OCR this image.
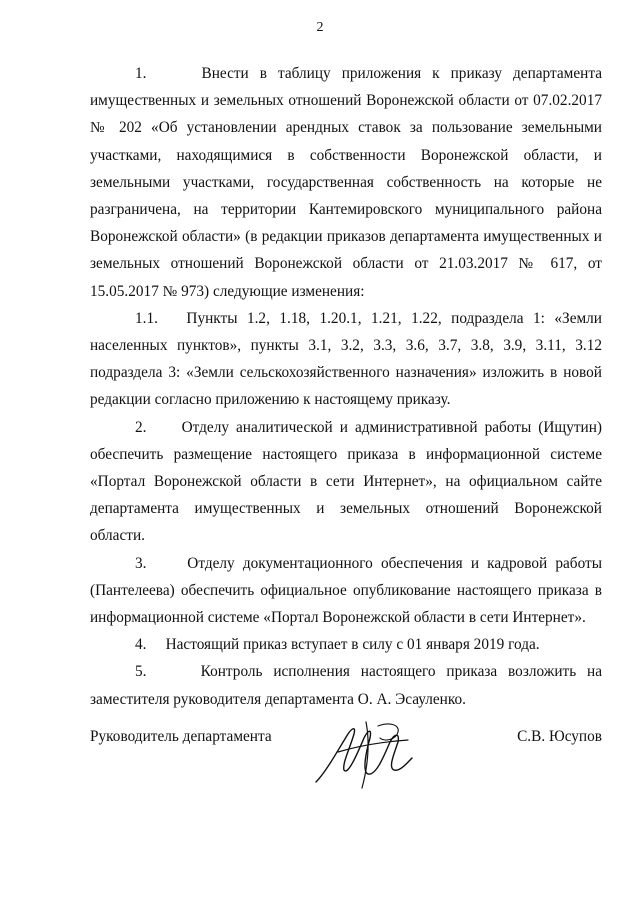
2

1.     Внести в таблицу приложения к приказу департамента имущественных и земельных отношений Воронежской области от 07.02.2017 № 202 «Об установлении арендных ставок за пользование земельными участками, находящимися в собственности Воронежской области, и земельными участками, государственная собственность на которые не разграничена, на территории Кантемировского муниципального района Воронежской области» (в редакции приказов департамента имущественных и земельных отношений Воронежской области от 21.03.2017 № 617, от 15.05.2017 № 973) следующие изменения:

1.1.   Пункты 1.2, 1.18, 1.20.1, 1.21, 1.22, подраздела 1: «Земли населенных пунктов», пункты 3.1, 3.2, 3.3, 3.6, 3.7, 3.8, 3.9, 3.11, 3.12 подраздела 3: «Земли сельскохозяйственного назначения» изложить в новой редакции согласно приложению к настоящему приказу.

2.     Отделу аналитической и административной работы (Ищутин) обеспечить размещение настоящего приказа в информационной системе «Портал Воронежской области в сети Интернет», на официальном сайте департамента имущественных и земельных отношений Воронежской области.

3.     Отделу документационного обеспечения и кадровой работы (Пантелеева) обеспечить официальное опубликование настоящего приказа в информационной системе «Портал Воронежской области в сети Интернет».

4.     Настоящий приказ вступает в силу с 01 января 2019 года.

5.     Контроль исполнения настоящего приказа возложить на заместителя руководителя департамента О. А. Эсауленко.

Руководитель департамента	С.В. Юсупов
